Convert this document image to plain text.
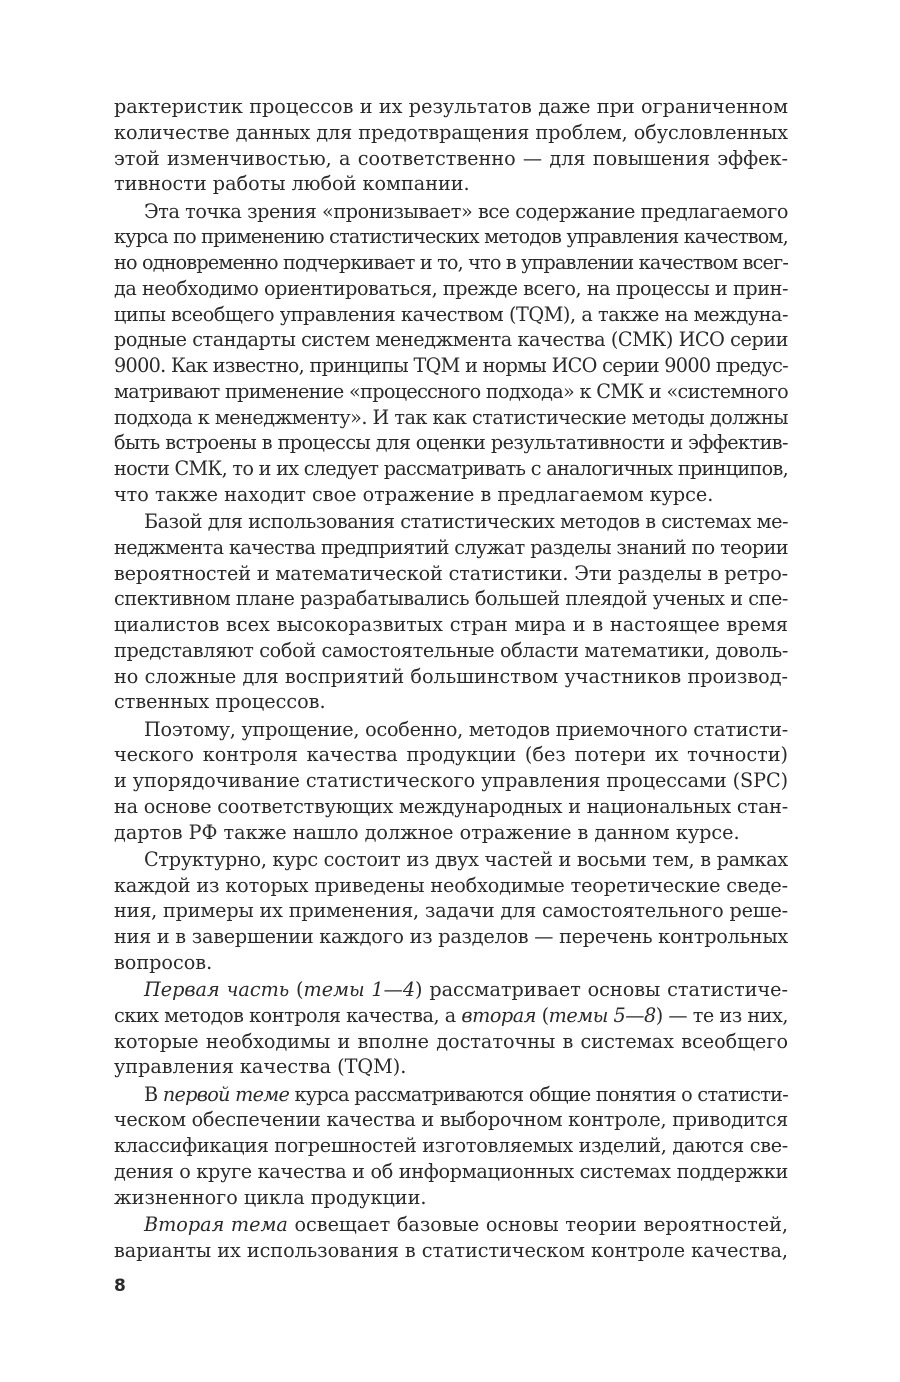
рактеристик процессов и их результатов даже при ограниченном
количестве данных для предотвращения проблем, обусловленных
этой изменчивостью, а соответственно — для повышения эффек-
тивности работы любой компании.
Эта точка зрения «пронизывает» все содержание предлагаемого
курса по применению статистических методов управления качеством,
но одновременно подчеркивает и то, что в управлении качеством всег-
да необходимо ориентироваться, прежде всего, на процессы и прин-
ципы всеобщего управления качеством (TQM), а также на междуна-
родные стандарты систем менеджмента качества (СМК) ИСО серии
9000. Как известно, принципы TQM и нормы ИСО серии 9000 предус-
матривают применение «процессного подхода» к СМК и «системного
подхода к менеджменту». И так как статистические методы должны
быть встроены в процессы для оценки результативности и эффектив-
ности СМК, то и их следует рассматривать с аналогичных принципов,
что также находит свое отражение в предлагаемом курсе.
Базой для использования статистических методов в системах ме-
неджмента качества предприятий служат разделы знаний по теории
вероятностей и математической статистики. Эти разделы в ретро-
спективном плане разрабатывались большей плеядой ученых и спе-
циалистов всех высокоразвитых стран мира и в настоящее время
представляют собой самостоятельные области математики, доволь-
но сложные для восприятий большинством участников производ-
ственных процессов.
Поэтому, упрощение, особенно, методов приемочного статисти-
ческого контроля качества продукции (без потери их точности)
и упорядочивание статистического управления процессами (SPC)
на основе соответствующих международных и национальных стан-
дартов РФ также нашло должное отражение в данном курсе.
Структурно, курс состоит из двух частей и восьми тем, в рамках
каждой из которых приведены необходимые теоретические сведе-
ния, примеры их применения, задачи для самостоятельного реше-
ния и в завершении каждого из разделов — перечень контрольных
вопросов.
Первая часть (темы 1—4) рассматривает основы статистиче-
ских методов контроля качества, а вторая (темы 5—8) — те из них,
которые необходимы и вполне достаточны в системах всеобщего
управления качества (TQM).
В первой теме курса рассматриваются общие понятия о статисти-
ческом обеспечении качества и выборочном контроле, приводится
классификация погрешностей изготовляемых изделий, даются све-
дения о круге качества и об информационных системах поддержки
жизненного цикла продукции.
Вторая тема освещает базовые основы теории вероятностей,
варианты их использования в статистическом контроле качества,
8
